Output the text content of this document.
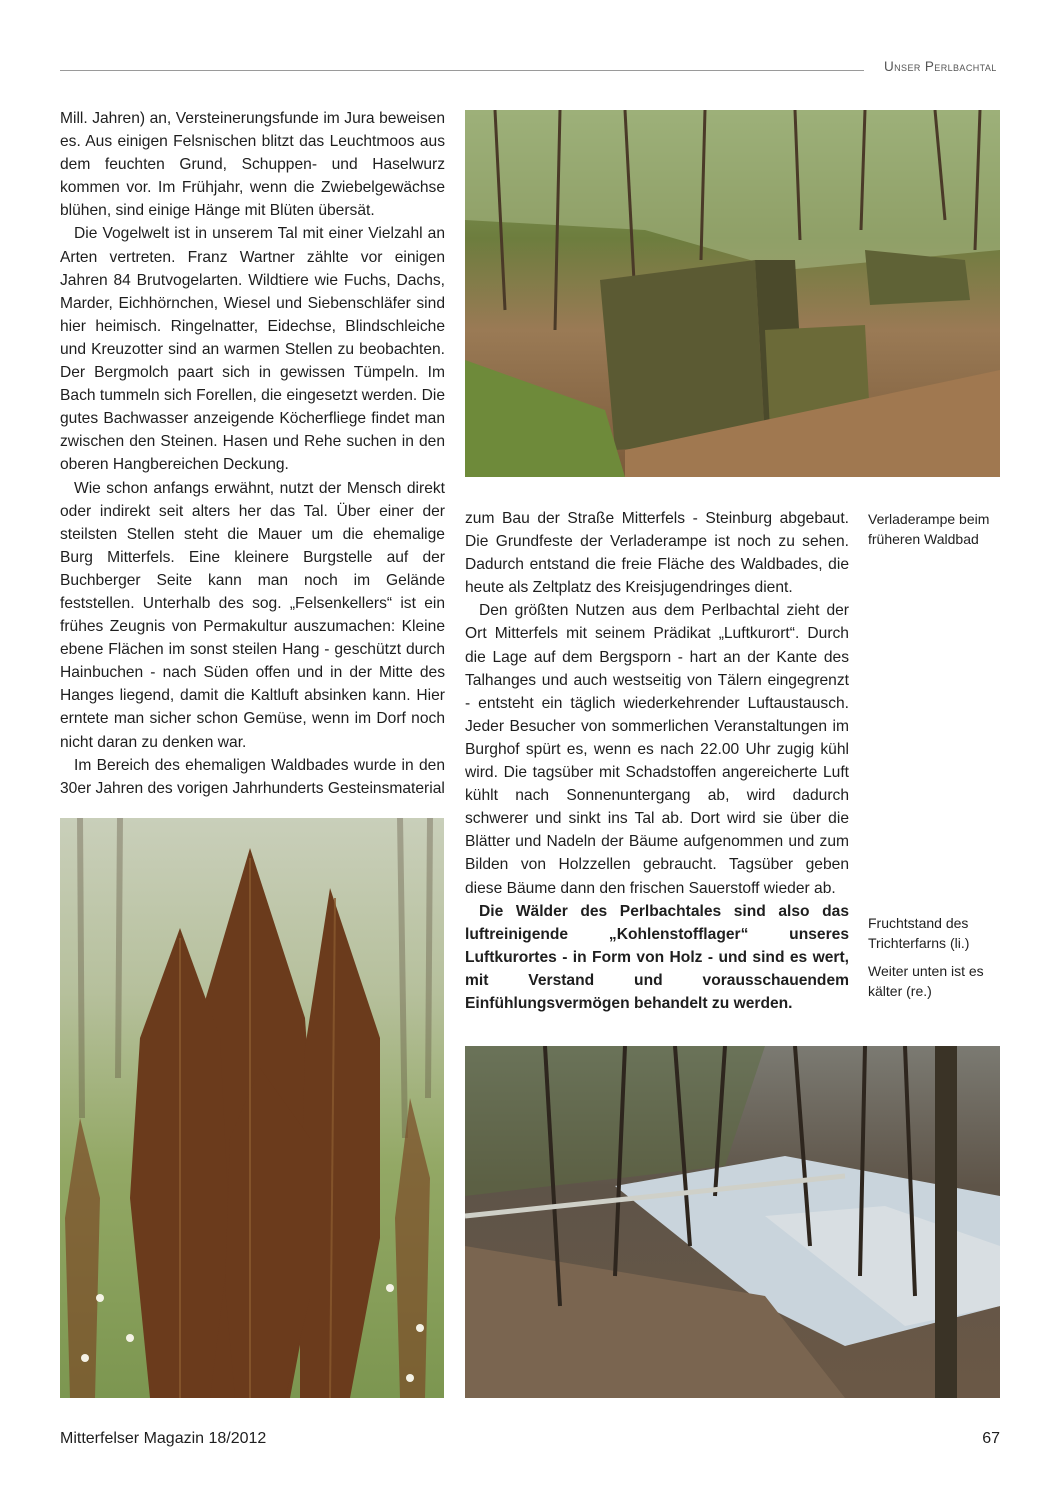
Unser Perlbachtal

Mill. Jahren) an, Versteinerungsfunde im Jura beweisen es. Aus einigen Felsnischen blitzt das Leuchtmoos aus dem feuchten Grund, Schuppen- und Haselwurz kommen vor. Im Frühjahr, wenn die Zwiebelgewächse blühen, sind einige Hänge mit Blüten übersät.

Die Vogelwelt ist in unserem Tal mit einer Vielzahl an Arten vertreten. Franz Wartner zählte vor einigen Jahren 84 Brutvogelarten. Wildtiere wie Fuchs, Dachs, Marder, Eichhörnchen, Wiesel und Siebenschläfer sind hier heimisch. Ringelnatter, Eidechse, Blindschleiche und Kreuzotter sind an warmen Stellen zu beobachten. Der Bergmolch paart sich in gewissen Tümpeln. Im Bach tummeln sich Forellen, die eingesetzt werden. Die gutes Bachwasser anzeigende Köcherfliege findet man zwischen den Steinen. Hasen und Rehe suchen in den oberen Hangbereichen Deckung.

Wie schon anfangs erwähnt, nutzt der Mensch direkt oder indirekt seit alters her das Tal. Über einer der steilsten Stellen steht die Mauer um die ehemalige Burg Mitterfels. Eine kleinere Burgstelle auf der Buchberger Seite kann man noch im Gelände feststellen. Unterhalb des sog. „Felsenkellers“ ist ein frühes Zeugnis von Permakultur auszumachen: Kleine ebene Flächen im sonst steilen Hang - geschützt durch Hainbuchen - nach Süden offen und in der Mitte des Hanges liegend, damit die Kaltluft absinken kann. Hier erntete man sicher schon Gemüse, wenn im Dorf noch nicht daran zu denken war.

Im Bereich des ehemaligen Waldbades wurde in den 30er Jahren des vorigen Jahrhunderts Gesteinsmaterial

Verladerampe beim früheren Waldbad

zum Bau der Straße Mitterfels - Steinburg abgebaut. Die Grundfeste der Verladerampe ist noch zu sehen. Dadurch entstand die freie Fläche des Waldbades, die heute als Zeltplatz des Kreisjugendringes dient.

Den größten Nutzen aus dem Perlbachtal zieht der Ort Mitterfels mit seinem Prädikat „Luftkurort“. Durch die Lage auf dem Bergsporn - hart an der Kante des Talhanges und auch westseitig von Tälern eingegrenzt - entsteht ein täglich wiederkehrender Luftaustausch. Jeder Besucher von sommerlichen Veranstaltungen im Burghof spürt es, wenn es nach 22.00 Uhr zugig kühl wird. Die tagsüber mit Schadstoffen angereicherte Luft kühlt nach Sonnenuntergang ab, wird dadurch schwerer und sinkt ins Tal ab. Dort wird sie über die Blätter und Nadeln der Bäume aufgenommen und zum Bilden von Holzzellen gebraucht. Tagsüber geben diese Bäume dann den frischen Sauerstoff wieder ab.

Die Wälder des Perlbachtales sind also das luftreinigende „Kohlenstofflager“ unseres Luftkurortes - in Form von Holz - und sind es wert, mit Verstand und vorausschauendem Einfühlungsvermögen behandelt zu werden.

Fruchtstand des Trichterfarns (li.)
Weiter unten ist es kälter (re.)
Mitterfelser Magazin 18/2012	67
